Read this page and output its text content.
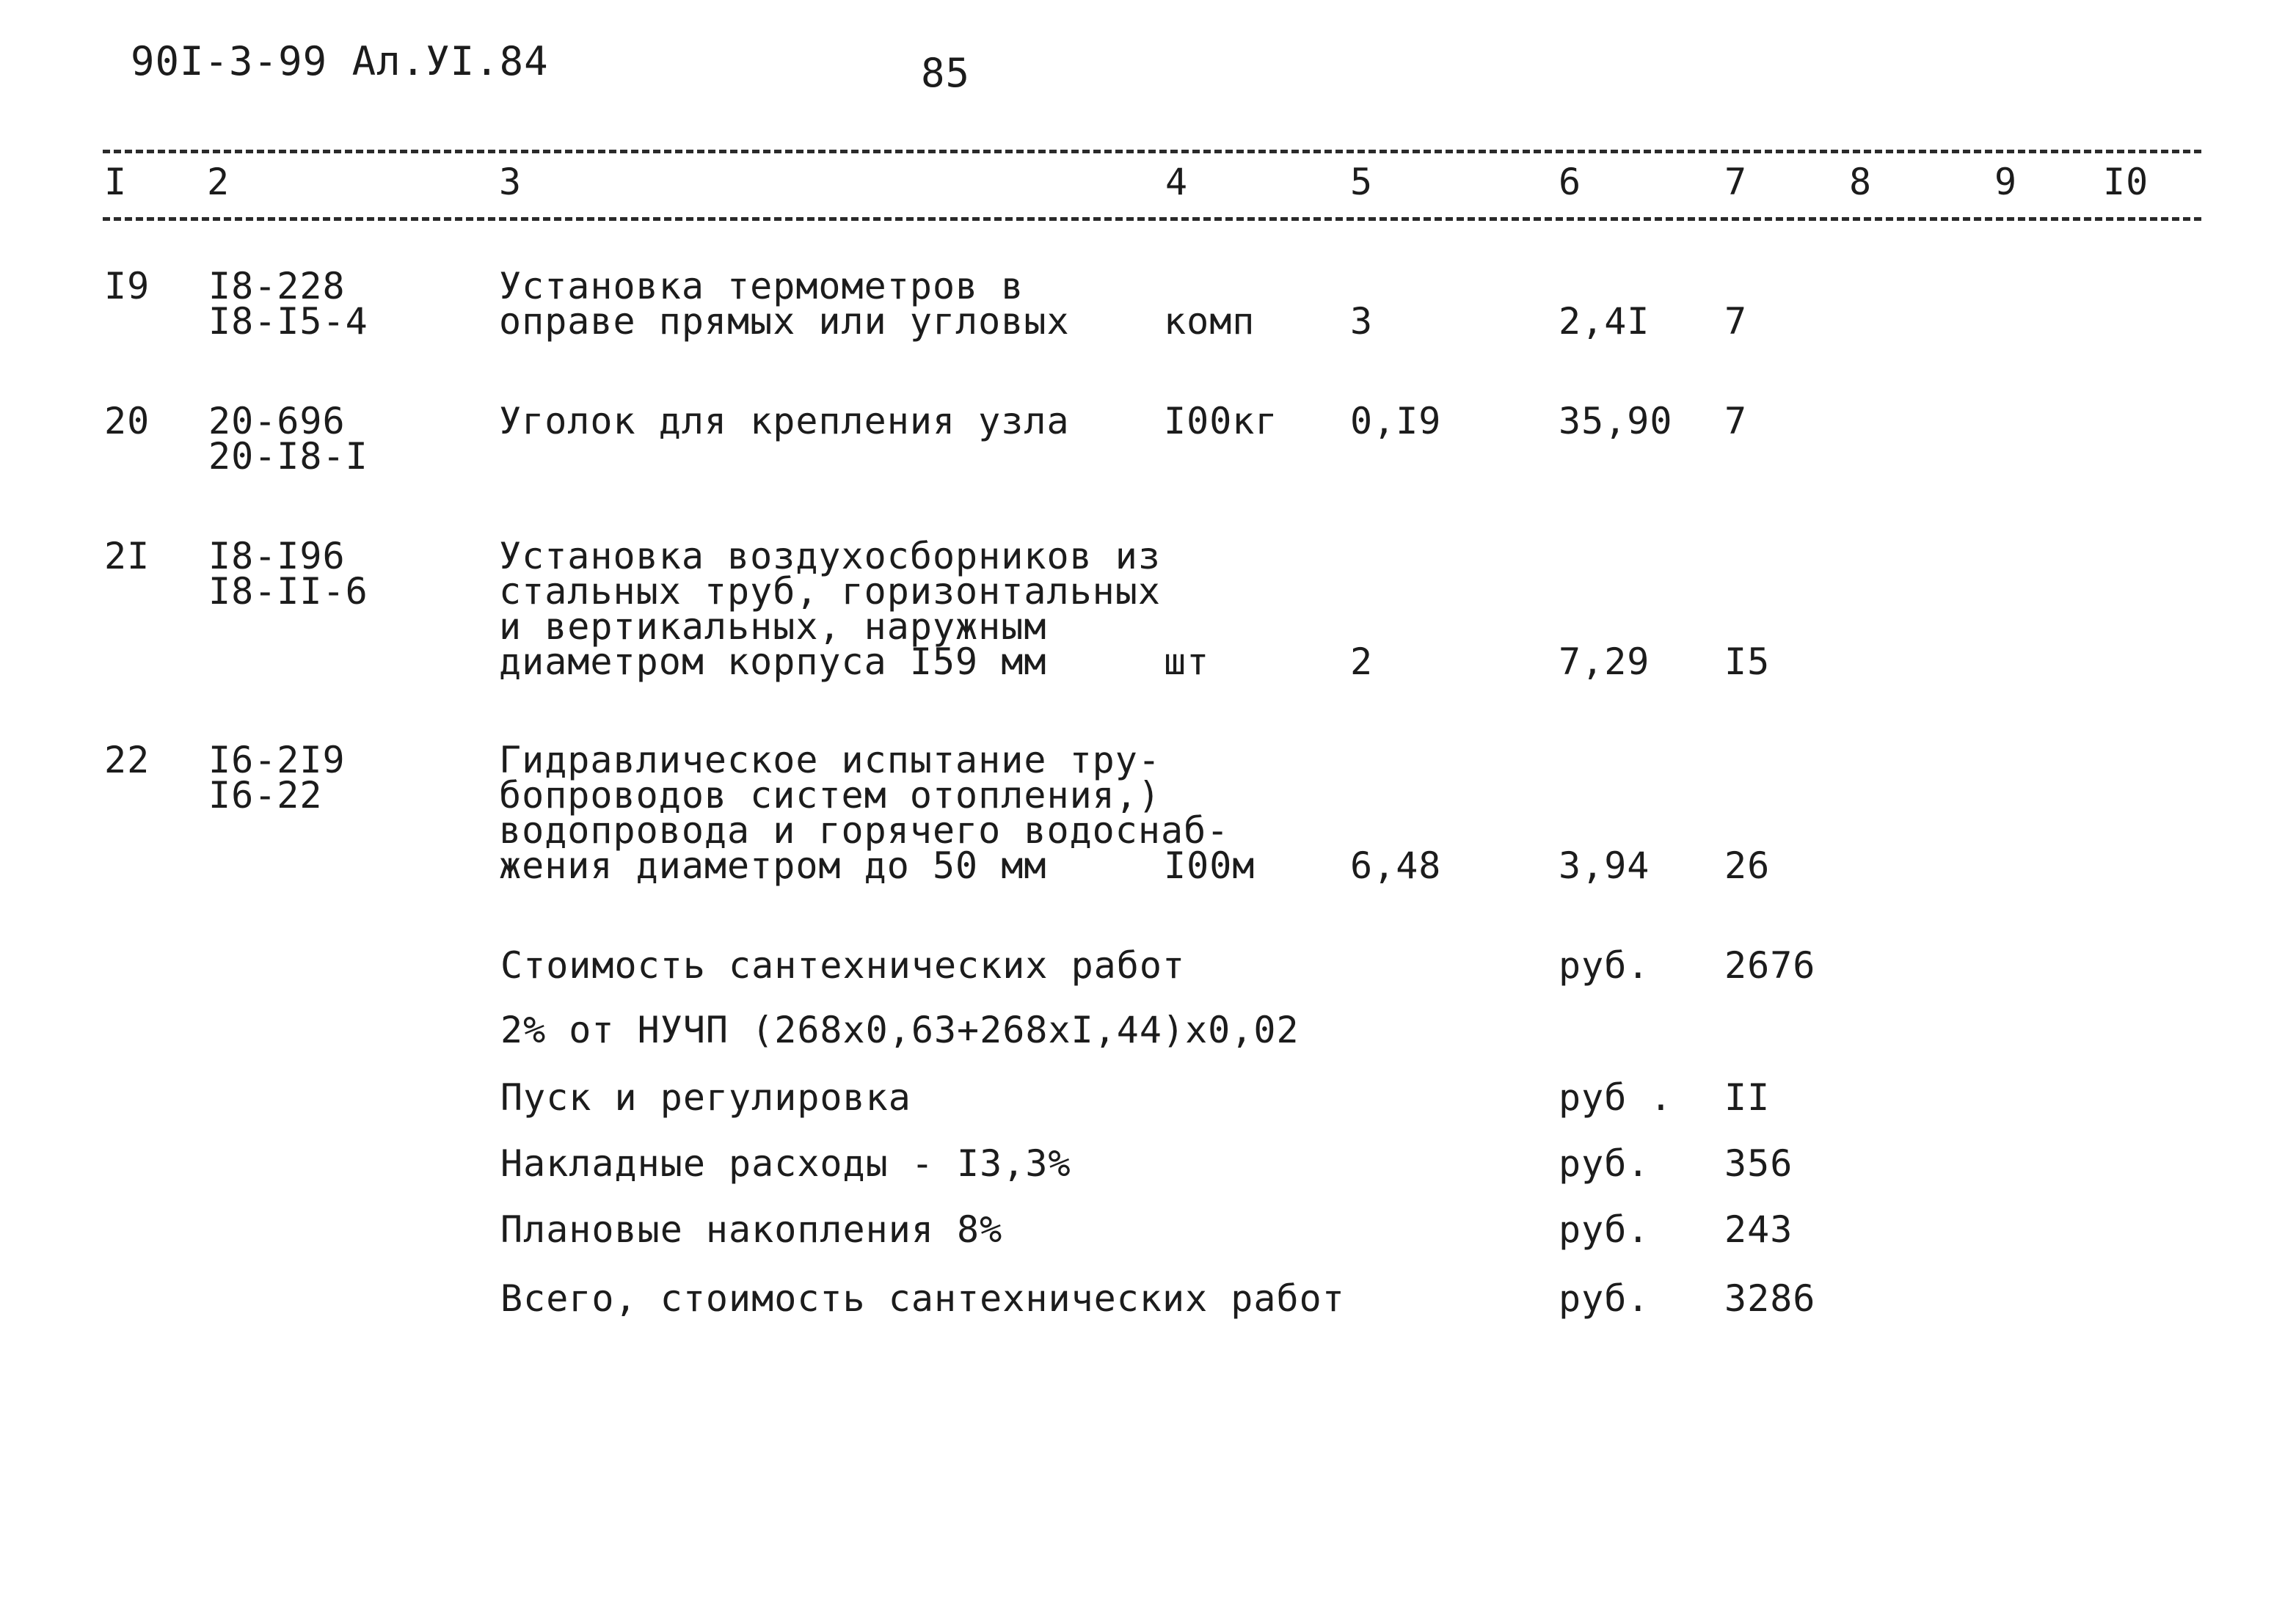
90I-3-99 Ал.УI.84	85
I 2	3	4	5	6	7	8	9 I0
I9 I8-228
I8-I5-4
Установка термометров в
оправе прямых или угловых	комп	3	2,4I 7
20 20-696
20-I8-I
Уголок для крепления узла	I00кг 0,I9	35,90 7
2I I8-I96
I8-II-6
Установка воздухосборников из
стальных труб, горизонтальных
и вертикальных, наружным
диаметром корпуса I59 мм	шт	2	7,29 I5
22 I6-2I9
I6-22
Гидравлическое испытание тру-
бопроводов систем отопления,)
водопровода и горячего водоснаб-
жения диаметром до 50 мм	I00м	6,48	3,94 26
Стоимость сантехнических работ	руб. 2676
2% от НУЧП (268x0,63+268xI,44)x0,02
Пуск и регулировка	руб . II
Накладные расходы - I3,3%	руб. 356
Плановые накопления 8%	руб. 243
Всего, стоимость сантехнических работ	руб. 3286
